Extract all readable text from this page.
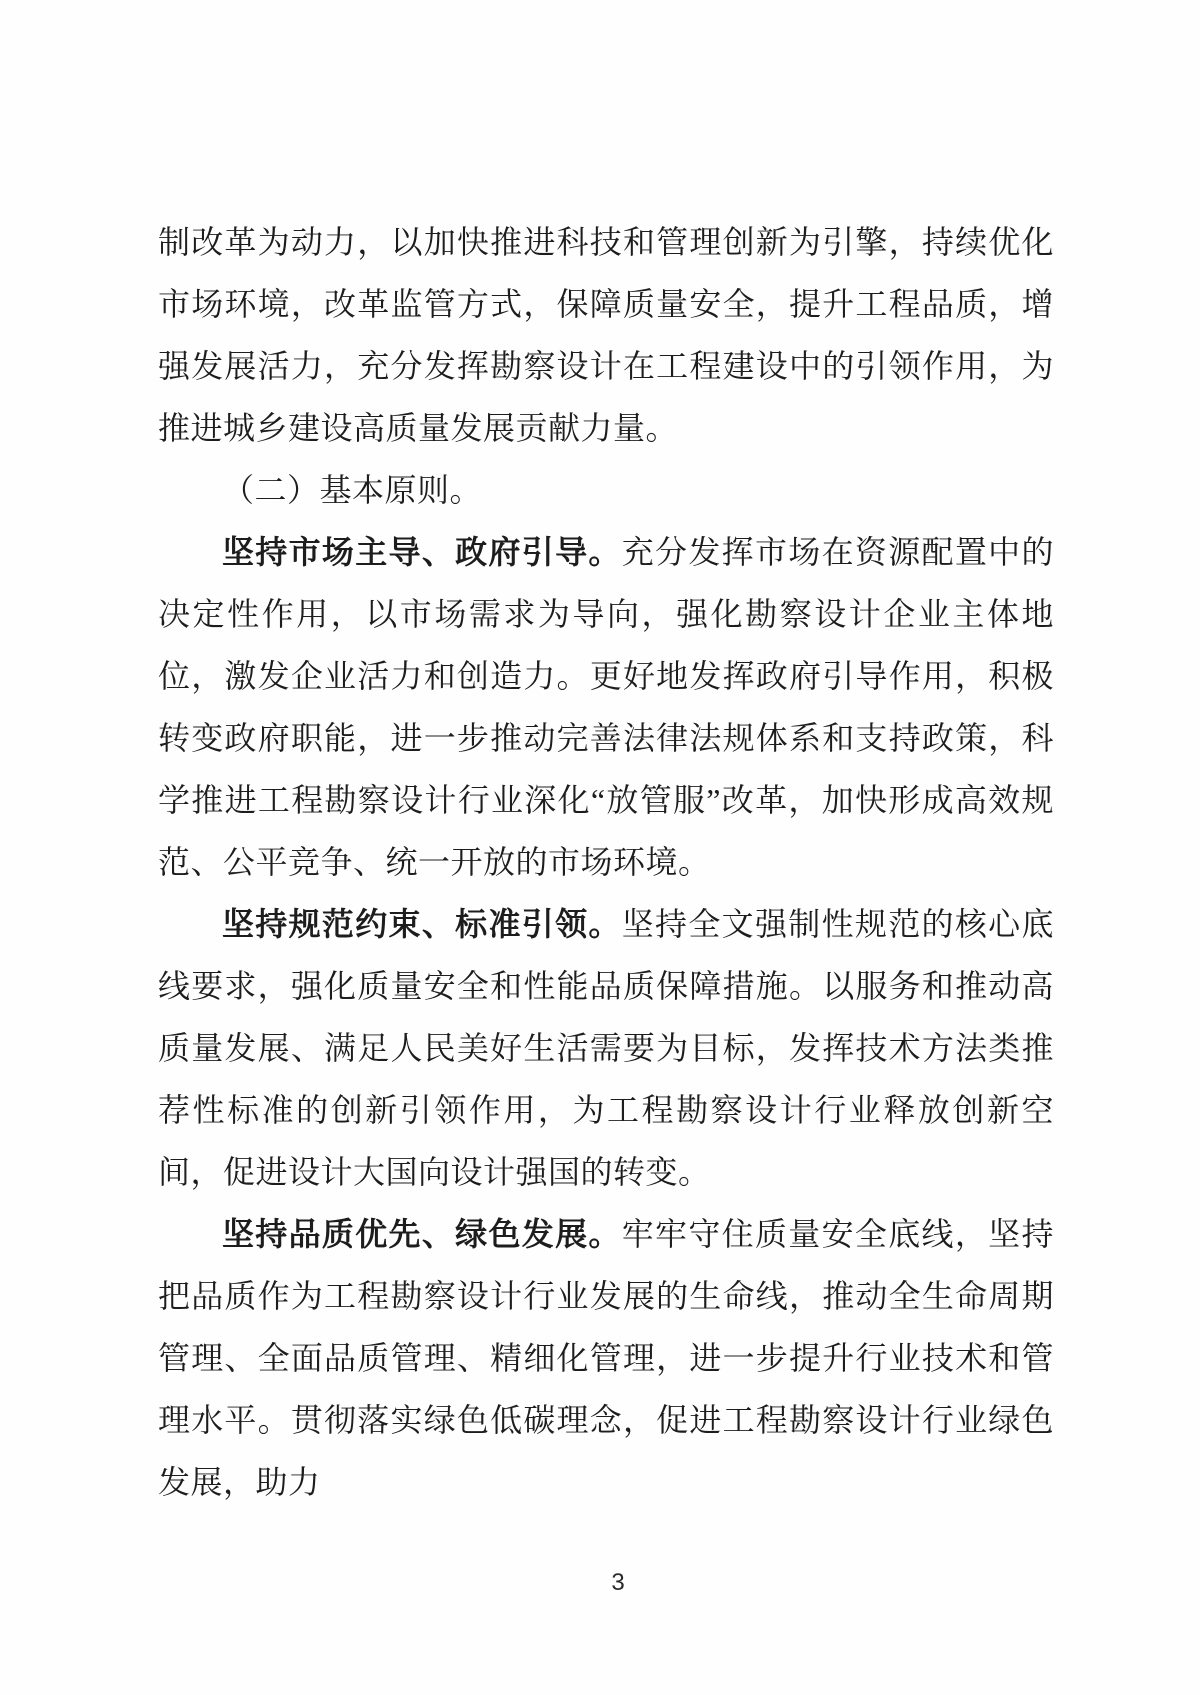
制改革为动力，以加快推进科技和管理创新为引擎，持续优化市场环境，改革监管方式，保障质量安全，提升工程品质，增强发展活力，充分发挥勘察设计在工程建设中的引领作用，为推进城乡建设高质量发展贡献力量。

（二）基本原则。

坚持市场主导、政府引导。充分发挥市场在资源配置中的决定性作用，以市场需求为导向，强化勘察设计企业主体地位，激发企业活力和创造力。更好地发挥政府引导作用，积极转变政府职能，进一步推动完善法律法规体系和支持政策，科学推进工程勘察设计行业深化“放管服”改革，加快形成高效规范、公平竞争、统一开放的市场环境。

坚持规范约束、标准引领。坚持全文强制性规范的核心底线要求，强化质量安全和性能品质保障措施。以服务和推动高质量发展、满足人民美好生活需要为目标，发挥技术方法类推荐性标准的创新引领作用，为工程勘察设计行业释放创新空间，促进设计大国向设计强国的转变。

坚持品质优先、绿色发展。牢牢守住质量安全底线，坚持把品质作为工程勘察设计行业发展的生命线，推动全生命周期管理、全面品质管理、精细化管理，进一步提升行业技术和管理水平。贯彻落实绿色低碳理念，促进工程勘察设计行业绿色发展，助力

3
